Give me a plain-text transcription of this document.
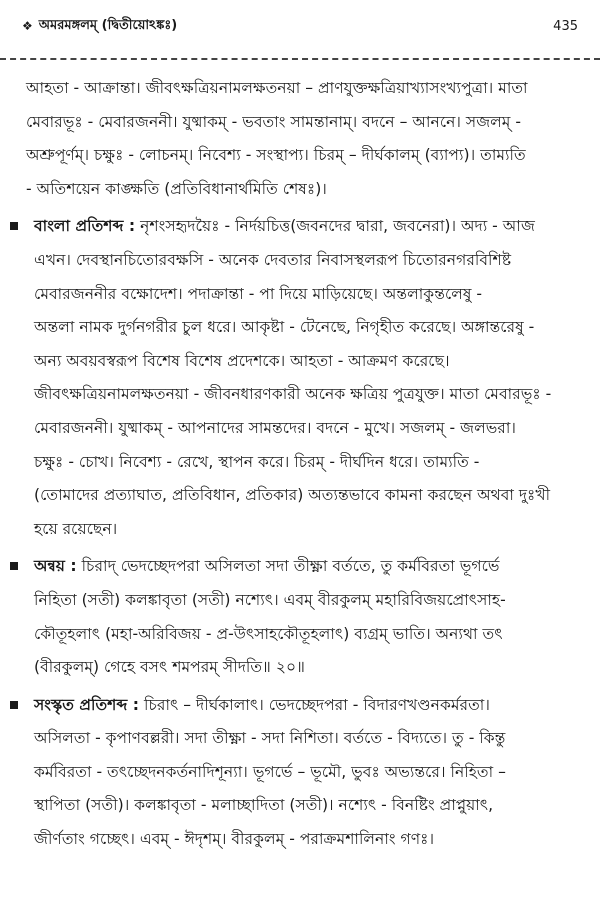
❖ অমরমঙ্গলম্ (দ্বিতীয়োঽঙ্কঃ)	435
আহতা - আক্রান্তা। জীবৎক্ষত্রিয়নামলক্ষতনয়া – প্রাণযুক্তক্ষত্রিয়াখ্যাসংখ্যপুত্রা। মাতা
মেবারভূঃ - মেবারজননী। যুষ্মাকম্ - ভবতাং সামন্তানাম্। বদনে – আননে। সজলম্ -
অশ্রুপূর্ণম্। চক্ষুঃ - লোচনম্। নিবেশ্য - সংস্থাপ্য। চিরম্ – দীর্ঘকালম্ (ব্যাপ্য)। তাম্যতি
- অতিশয়েন কাঙ্ক্ষতি (প্রতিবিধানার্থমিতি শেষঃ)।
বাংলা প্রতিশব্দ : নৃশংসহৃদয়ৈঃ - নির্দয়চিত্ত(জবনদের দ্বারা, জবনেরা)। অদ্য - আজ
এখন। দেবস্থানচিতোরবক্ষসি - অনেক দেবতার নিবাসস্থলরূপ চিতোরনগরবিশিষ্ট
মেবারজননীর বক্ষোদেশ। পদাক্রান্তা - পা দিয়ে মাড়িয়েছে। অন্তলাকুন্তলেষু -
অন্তলা নামক দুর্গনগরীর চুল ধরে। আকৃষ্টা - টেনেছে, নিগৃহীত করেছে। অঙ্গান্তরেষু -
অন্য অবয়বস্বরূপ বিশেষ বিশেষ প্রদেশকে। আহতা - আক্রমণ করেছে।
জীবৎক্ষত্রিয়নামলক্ষতনয়া - জীবনধারণকারী অনেক ক্ষত্রিয় পুত্রযুক্ত। মাতা মেবারভূঃ -
মেবারজননী। যুষ্মাকম্ - আপনাদের সামন্তদের। বদনে - মুখে। সজলম্ - জলভরা।
চক্ষুঃ - চোখ। নিবেশ্য - রেখে, স্থাপন করে। চিরম্ - দীর্ঘদিন ধরে। তাম্যতি -
(তোমাদের প্রত্যাঘাত, প্রতিবিধান, প্রতিকার) অত্যন্তভাবে কামনা করছেন অথবা দুঃখী
হয়ে রয়েছেন।
অন্বয় : চিরাদ্ ভেদচ্ছেদপরা অসিলতা সদা তীক্ষ্ণা বর্ততে, তু কর্মবিরতা ভূগর্ভে
নিহিতা (সতী) কলঙ্কাবৃতা (সতী) নশ্যেৎ। এবম্ বীরকুলম্ মহারিবিজয়প্রোৎসাহ-
কৌতূহলাৎ (মহা-অরিবিজয় - প্র-উৎসাহকৌতূহলাৎ) ব্যগ্রম্ ভাতি। অন্যথা তৎ
(বীরকুলম্) গেহে বসৎ শমপরম্ সীদতি॥ ২০॥
সংস্কৃত প্রতিশব্দ : চিরাৎ – দীর্ঘকালাৎ। ভেদচ্ছেদপরা - বিদারণখণ্ডনকর্মরতা।
অসিলতা - কৃপাণবল্লরী। সদা তীক্ষ্ণা - সদা নিশিতা। বর্ততে - বিদ্যতে। তু - কিন্তু
কর্মবিরতা - তৎচ্ছেদনকর্তনাদিশূন্যা। ভূগর্ভে – ভূমৌ, ভুবঃ অভ্যন্তরে। নিহিতা –
স্থাপিতা (সতী)। কলঙ্কাবৃতা - মলাচ্ছাদিতা (সতী)। নশ্যেৎ - বিনষ্টিং প্রাপ্নুয়াৎ,
জীর্ণতাং গচ্ছেৎ। এবম্ - ঈদৃশম্। বীরকুলম্ - পরাক্রমশালিনাং গণঃ।
